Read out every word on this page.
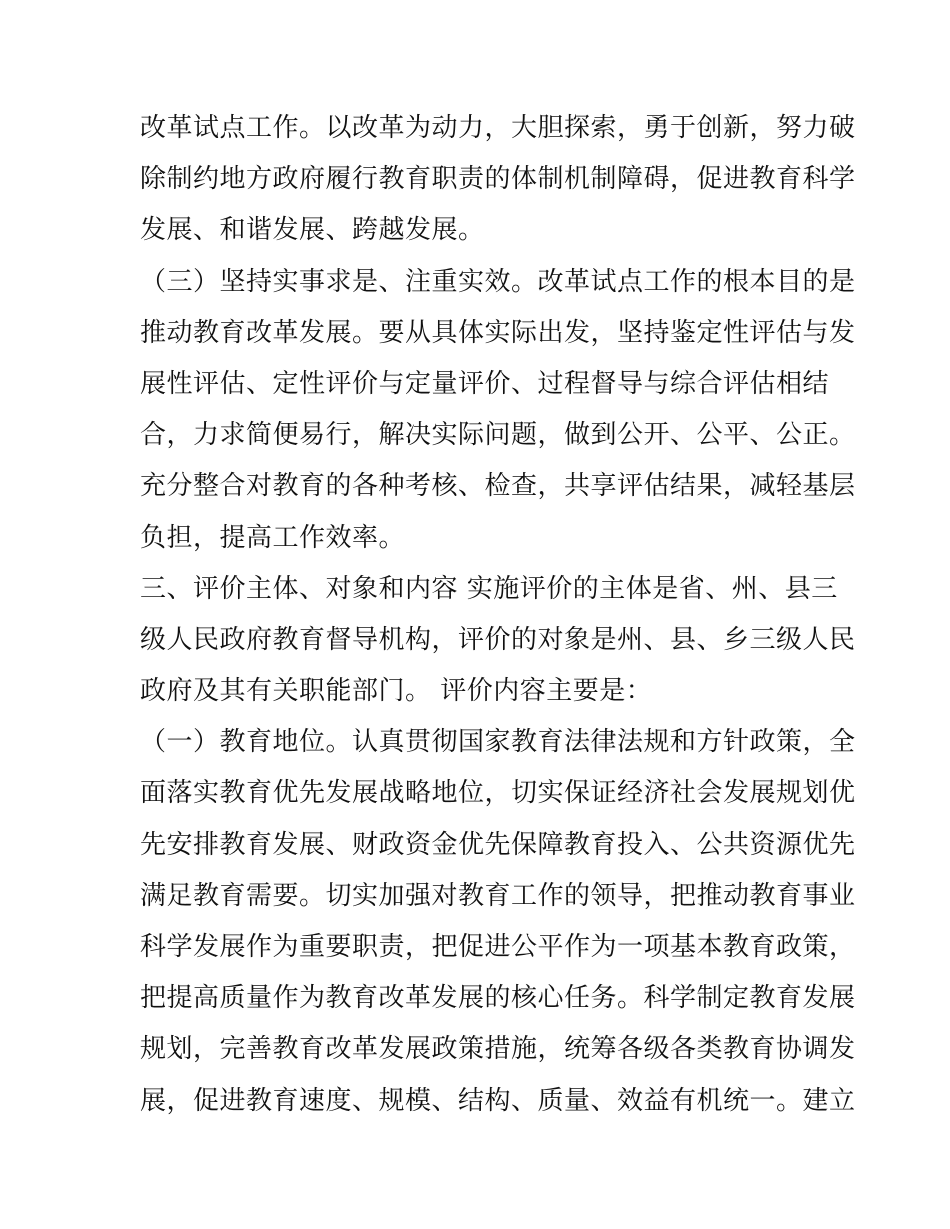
改革试点工作。以改革为动力，大胆探索，勇于创新，努力破
除制约地方政府履行教育职责的体制机制障碍，促进教育科学
发展、和谐发展、跨越发展。
（三）坚持实事求是、注重实效。改革试点工作的根本目的是
推动教育改革发展。要从具体实际出发，坚持鉴定性评估与发
展性评估、定性评价与定量评价、过程督导与综合评估相结
合，力求简便易行，解决实际问题，做到公开、公平、公正。
充分整合对教育的各种考核、检查，共享评估结果，减轻基层
负担，提高工作效率。
三、评价主体、对象和内容 实施评价的主体是省、州、县三
级人民政府教育督导机构，评价的对象是州、县、乡三级人民
政府及其有关职能部门。 评价内容主要是：
（一）教育地位。认真贯彻国家教育法律法规和方针政策，全
面落实教育优先发展战略地位，切实保证经济社会发展规划优
先安排教育发展、财政资金优先保障教育投入、公共资源优先
满足教育需要。切实加强对教育工作的领导，把推动教育事业
科学发展作为重要职责，把促进公平作为一项基本教育政策，
把提高质量作为教育改革发展的核心任务。科学制定教育发展
规划，完善教育改革发展政策措施，统筹各级各类教育协调发
展，促进教育速度、规模、结构、质量、效益有机统一。建立
